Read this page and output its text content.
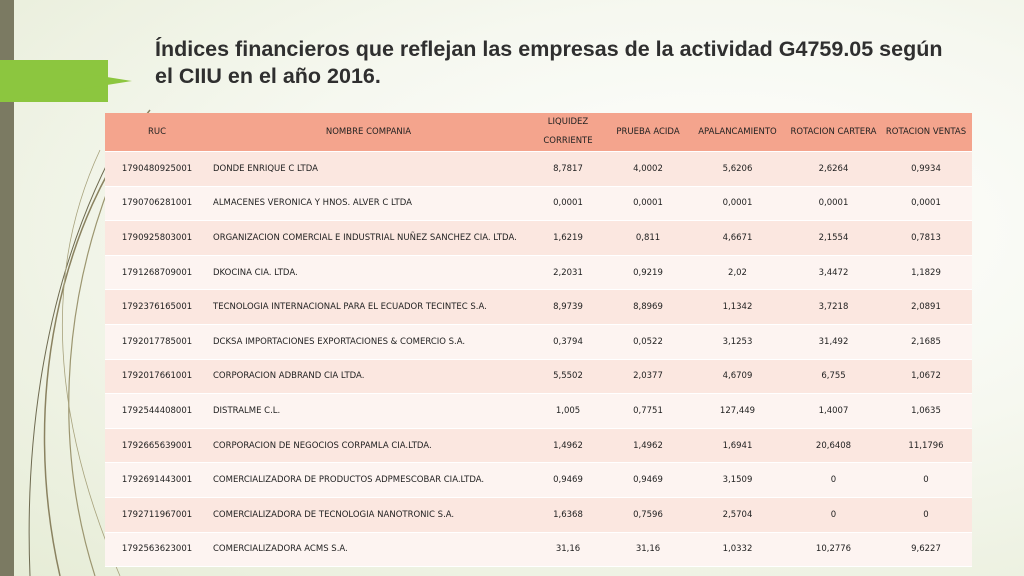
Índices financieros que reflejan las empresas de la actividad G4759.05 según el CIIU en el año 2016.
RUC	NOMBRE COMPANIA	LIQUIDEZ CORRIENTE	PRUEBA ACIDA	APALANCAMIENTO	ROTACION CARTERA	ROTACION VENTAS
1790480925001	DONDE ENRIQUE C LTDA	8,7817	4,0002	5,6206	2,6264	0,9934
1790706281001	ALMACENES VERONICA Y HNOS. ALVER C LTDA	0,0001	0,0001	0,0001	0,0001	0,0001
1790925803001	ORGANIZACION COMERCIAL E INDUSTRIAL NUÑEZ SANCHEZ CIA. LTDA.	1,6219	0,811	4,6671	2,1554	0,7813
1791268709001	DKOCINA CIA. LTDA.	2,2031	0,9219	2,02	3,4472	1,1829
1792376165001	TECNOLOGIA INTERNACIONAL PARA EL ECUADOR TECINTEC S.A.	8,9739	8,8969	1,1342	3,7218	2,0891
1792017785001	DCKSA IMPORTACIONES EXPORTACIONES & COMERCIO S.A.	0,3794	0,0522	3,1253	31,492	2,1685
1792017661001	CORPORACION ADBRAND CIA LTDA.	5,5502	2,0377	4,6709	6,755	1,0672
1792544408001	DISTRALME C.L.	1,005	0,7751	127,449	1,4007	1,0635
1792665639001	CORPORACION DE NEGOCIOS CORPAMLA CIA.LTDA.	1,4962	1,4962	1,6941	20,6408	11,1796
1792691443001	COMERCIALIZADORA DE PRODUCTOS ADPMESCOBAR CIA.LTDA.	0,9469	0,9469	3,1509	0	0
1792711967001	COMERCIALIZADORA DE TECNOLOGIA NANOTRONIC S.A.	1,6368	0,7596	2,5704	0	0
1792563623001	COMERCIALIZADORA ACMS S.A.	31,16	31,16	1,0332	10,2776	9,6227
